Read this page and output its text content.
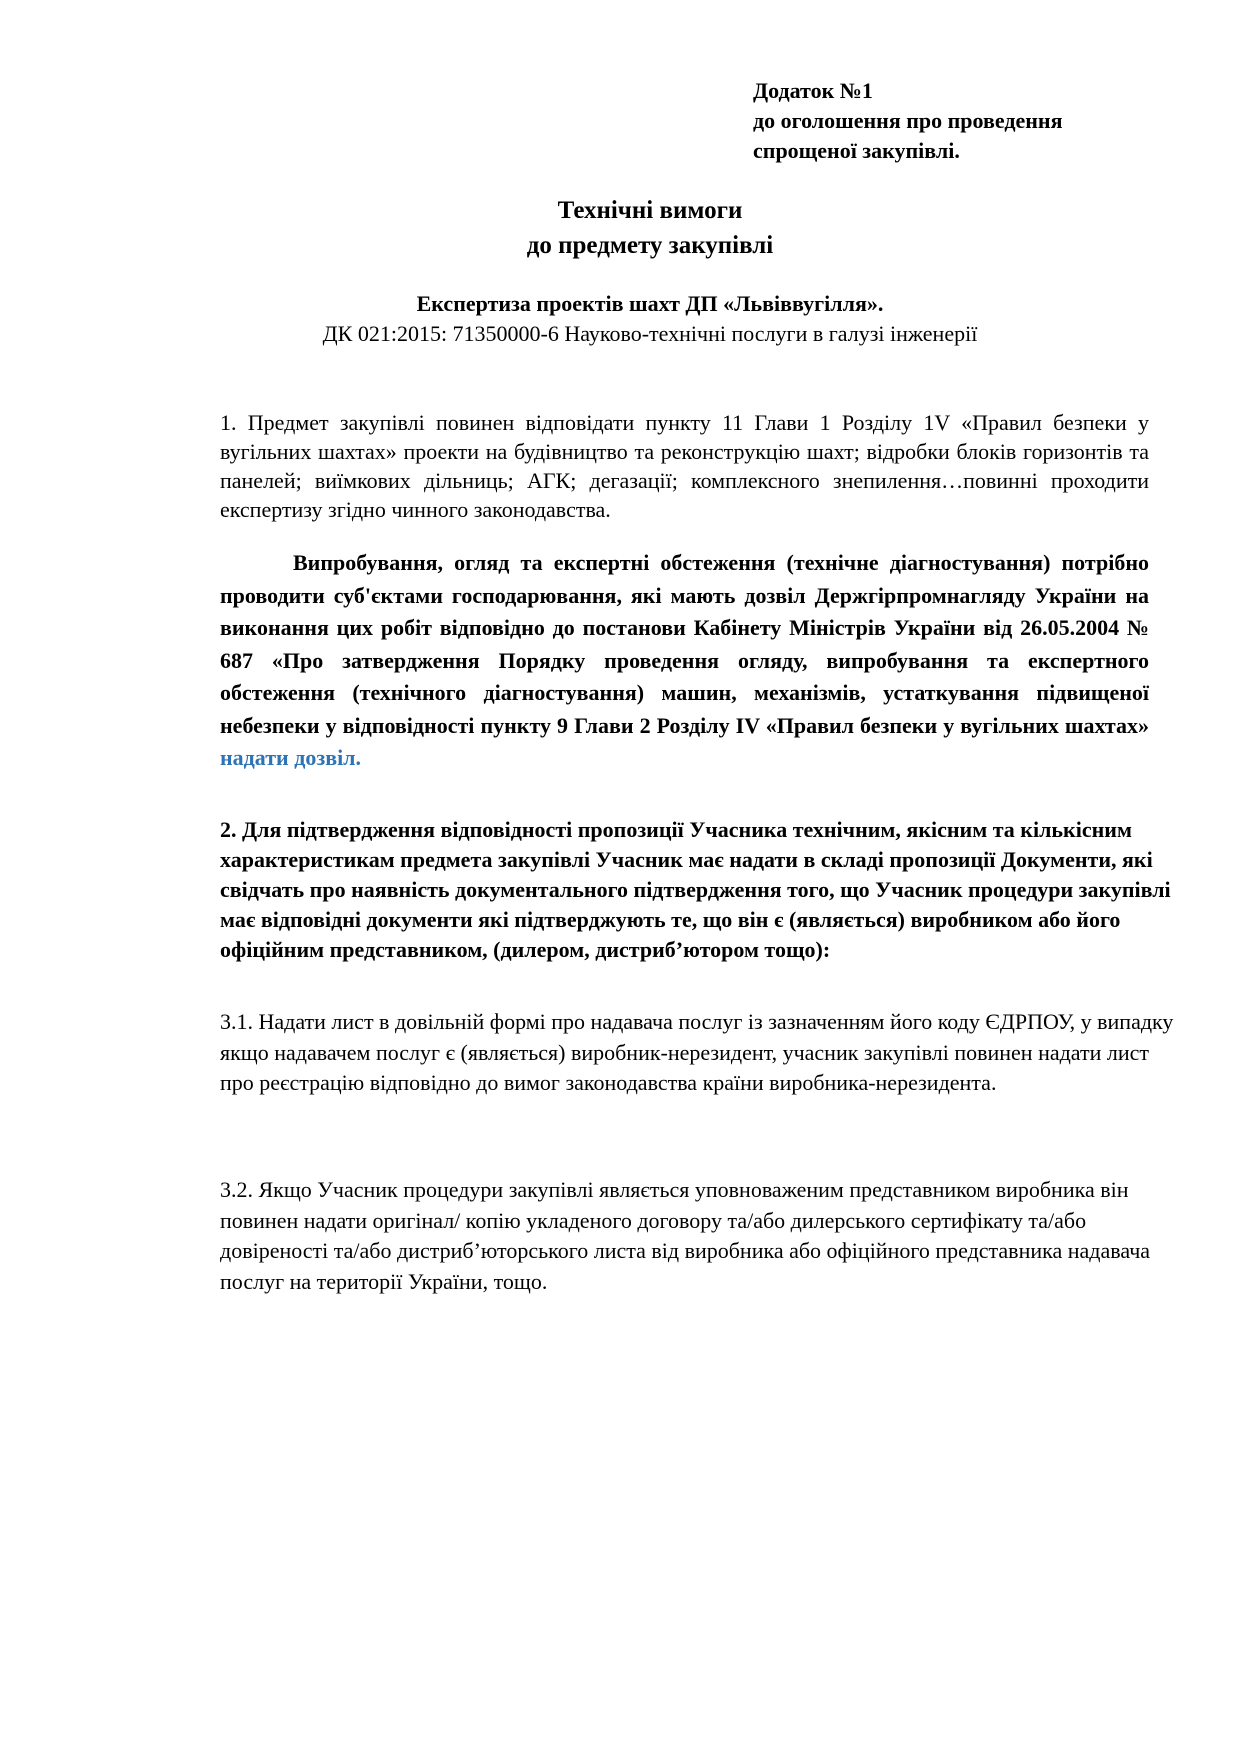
Додаток №1
до оголошення про проведення
спрощеної закупівлі.
Технічні вимоги
до предмету закупівлі
Експертиза проектів шахт ДП «Львіввугілля».
ДК 021:2015: 71350000-6 Науково-технічні послуги в галузі інженерії
1. Предмет закупівлі повинен відповідати пункту 11 Глави 1 Розділу 1V «Правил безпеки у вугільних шахтах» проекти на будівництво та реконструкцію шахт; відробки блоків горизонтів та панелей; виїмкових дільниць; АГК; дегазації; комплексного знепилення…повинні проходити експертизу згідно чинного законодавства.
Випробування, огляд та експертні обстеження (технічне діагностування) потрібно проводити суб'єктами господарювання, які мають дозвіл Держгірпромнагляду України на виконання цих робіт відповідно до постанови Кабінету Міністрів України від 26.05.2004 № 687 «Про затвердження Порядку проведення огляду, випробування та експертного обстеження (технічного діагностування) машин, механізмів, устаткування підвищеної небезпеки у відповідності пункту 9 Глави 2 Розділу IV «Правил безпеки у вугільних шахтах» надати дозвіл.
2. Для підтвердження відповідності пропозиції Учасника технічним, якісним та кількісним характеристикам предмета закупівлі Учасник має надати в складі пропозиції Документи, які свідчать про наявність документального підтвердження того, що Учасник процедури закупівлі має відповідні документи які підтверджують те, що він є (являється) виробником або його офіційним представником, (дилером, дистриб’ютором тощо):
3.1. Надати лист в довільній формі про надавача послуг із зазначенням його коду ЄДРПОУ, у випадку якщо надавачем послуг є (являється) виробник-нерезидент, учасник закупівлі повинен надати лист про реєстрацію відповідно до вимог законодавства країни виробника-нерезидента.
3.2. Якщо Учасник процедури закупівлі являється уповноваженим представником виробника він повинен надати оригінал/ копію укладеного договору та/або дилерського сертифікату та/або довіреності та/або дистриб’юторського листа від виробника або офіційного представника надавача послуг на території України, тощо.
